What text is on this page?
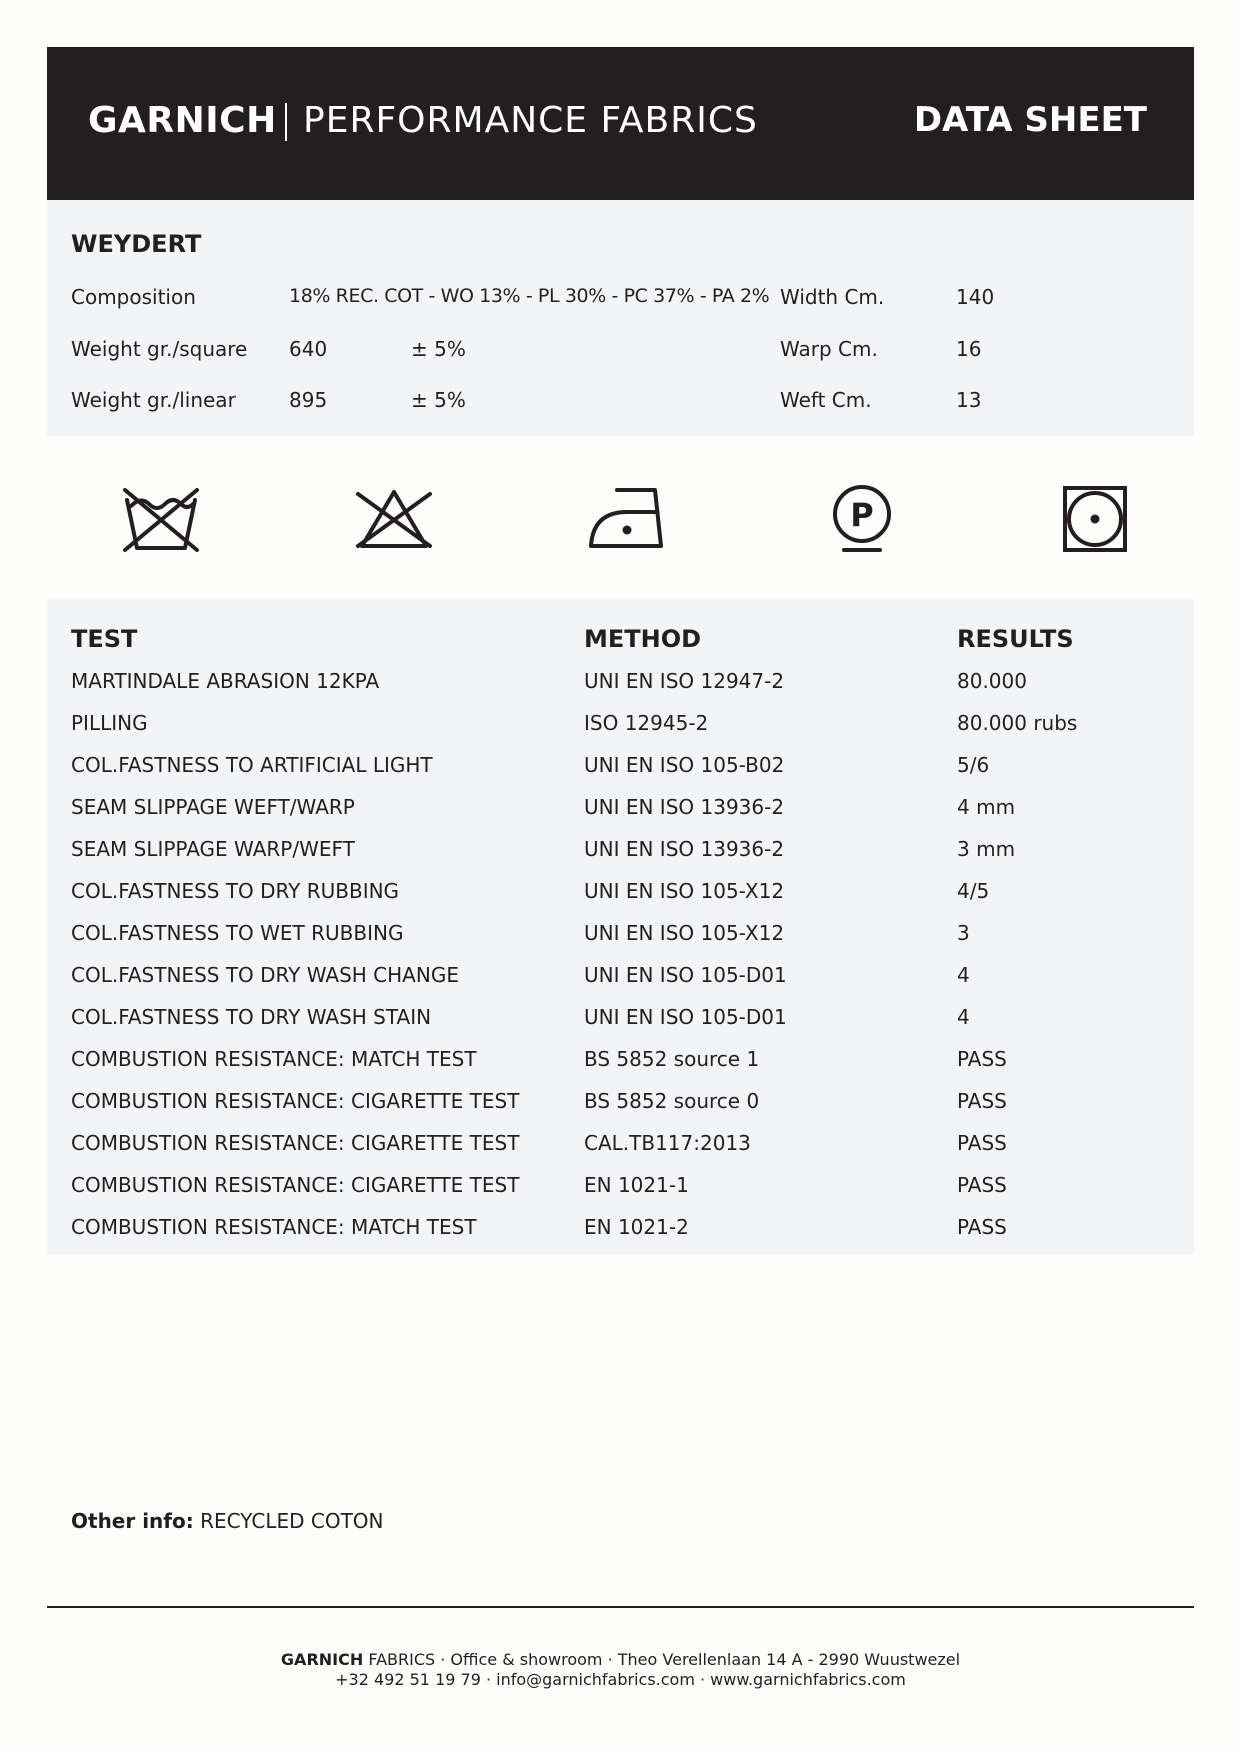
GARNICH PERFORMANCE FABRICS	DATA SHEET
WEYDERT
Composition	18% REC. COT - WO 13% - PL 30% - PC 37% - PA 2% Width Cm.	140
Weight gr./square 640	± 5%	Warp Cm.	16
Weight gr./linear	895	± 5%	Weft Cm.	13
P
TEST	METHOD	RESULTS
MARTINDALE ABRASION 12KPA	UNI EN ISO 12947-2	80.000
PILLING	ISO 12945-2	80.000 rubs
COL.FASTNESS TO ARTIFICIAL LIGHT	UNI EN ISO 105-B02	5/6
SEAM SLIPPAGE WEFT/WARP	UNI EN ISO 13936-2	4 mm
SEAM SLIPPAGE WARP/WEFT	UNI EN ISO 13936-2	3 mm
COL.FASTNESS TO DRY RUBBING	UNI EN ISO 105-X12	4/5
COL.FASTNESS TO WET RUBBING	UNI EN ISO 105-X12	3
COL.FASTNESS TO DRY WASH CHANGE	UNI EN ISO 105-D01	4
COL.FASTNESS TO DRY WASH STAIN	UNI EN ISO 105-D01	4
COMBUSTION RESISTANCE: MATCH TEST	BS 5852 source 1	PASS
COMBUSTION RESISTANCE: CIGARETTE TEST	BS 5852 source 0	PASS
COMBUSTION RESISTANCE: CIGARETTE TEST	CAL.TB117:2013	PASS
COMBUSTION RESISTANCE: CIGARETTE TEST	EN 1021-1	PASS
COMBUSTION RESISTANCE: MATCH TEST	EN 1021-2	PASS
Other info: RECYCLED COTON
GARNICH FABRICS · Office & showroom · Theo Verellenlaan 14 A - 2990 Wuustwezel
+32 492 51 19 79 · info@garnichfabrics.com · www.garnichfabrics.com
